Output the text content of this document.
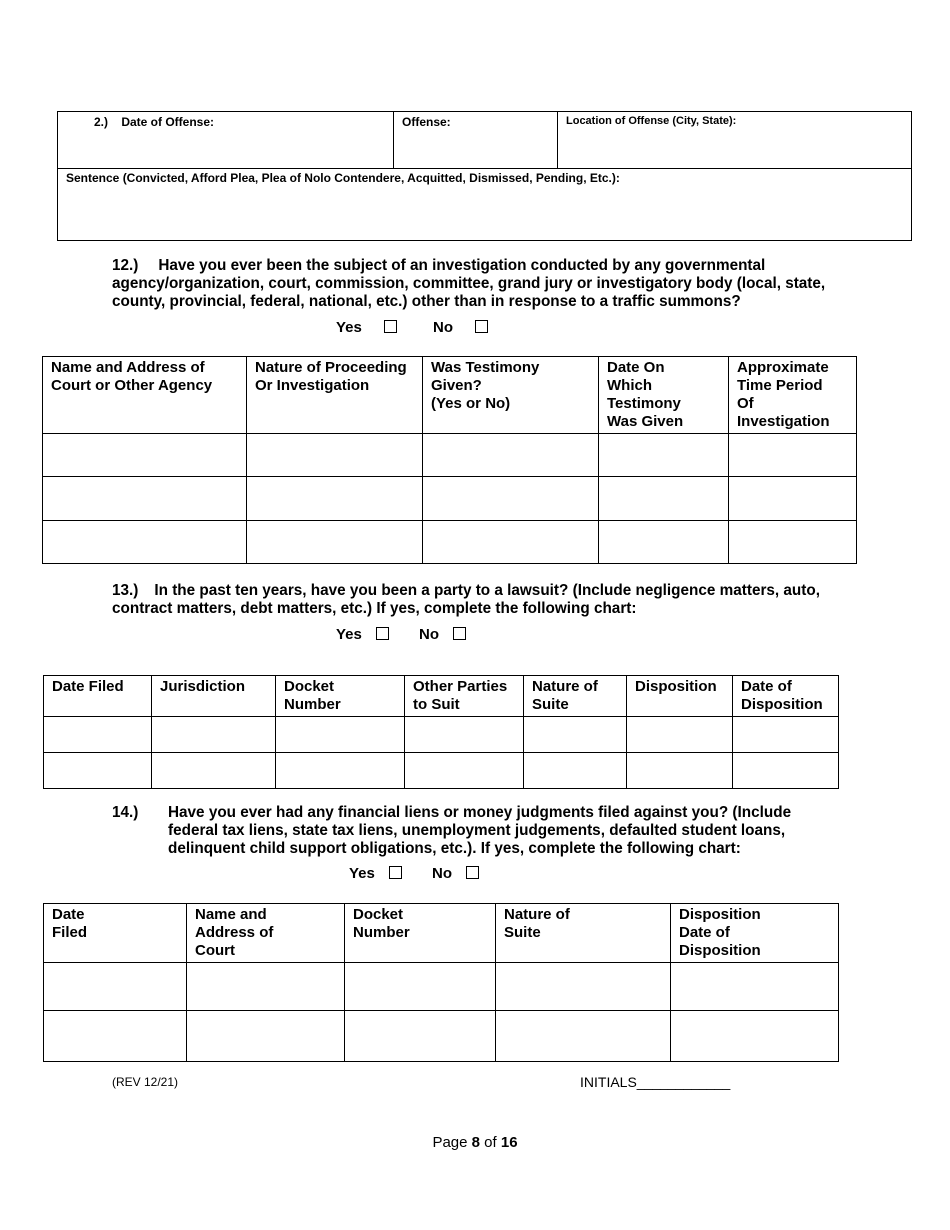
2.)    Date of Offense:	Offense:	Location of Offense (City, State):
Sentence (Convicted, Afford Plea, Plea of Nolo Contendere, Acquitted, Dismissed, Pending, Etc.):
12.) Have you ever been the subject of an investigation conducted by any governmental
agency/organization, court, commission, committee, grand jury or investigatory body (local, state,
county, provincial, federal, national, etc.) other than in response to a traffic summons?
Yes	No
Name and Address of
Court or Other Agency	Nature of Proceeding
Or Investigation	Was Testimony
Given?
(Yes or No)	Date On
Which
Testimony
Was Given	Approximate
Time Period
Of
Investigation

13.) In the past ten years, have you been a party to a lawsuit? (Include negligence matters, auto,
contract matters, debt matters, etc.) If yes, complete the following chart:
Yes	No
Date Filed	Jurisdiction	Docket
Number	Other Parties
to Suit	Nature of
Suite	Disposition	Date of
Disposition

14.) Have you ever had any financial liens or money judgments filed against you? (Include
federal tax liens, state tax liens, unemployment judgements, defaulted student loans,
delinquent child support obligations, etc.). If yes, complete the following chart:
Yes	No
Date
Filed	Name and
Address of
Court	Docket
Number	Nature of
Suite	Disposition
Date of
Disposition

(REV 12/21)	INITIALS____________
Page 8 of 16
